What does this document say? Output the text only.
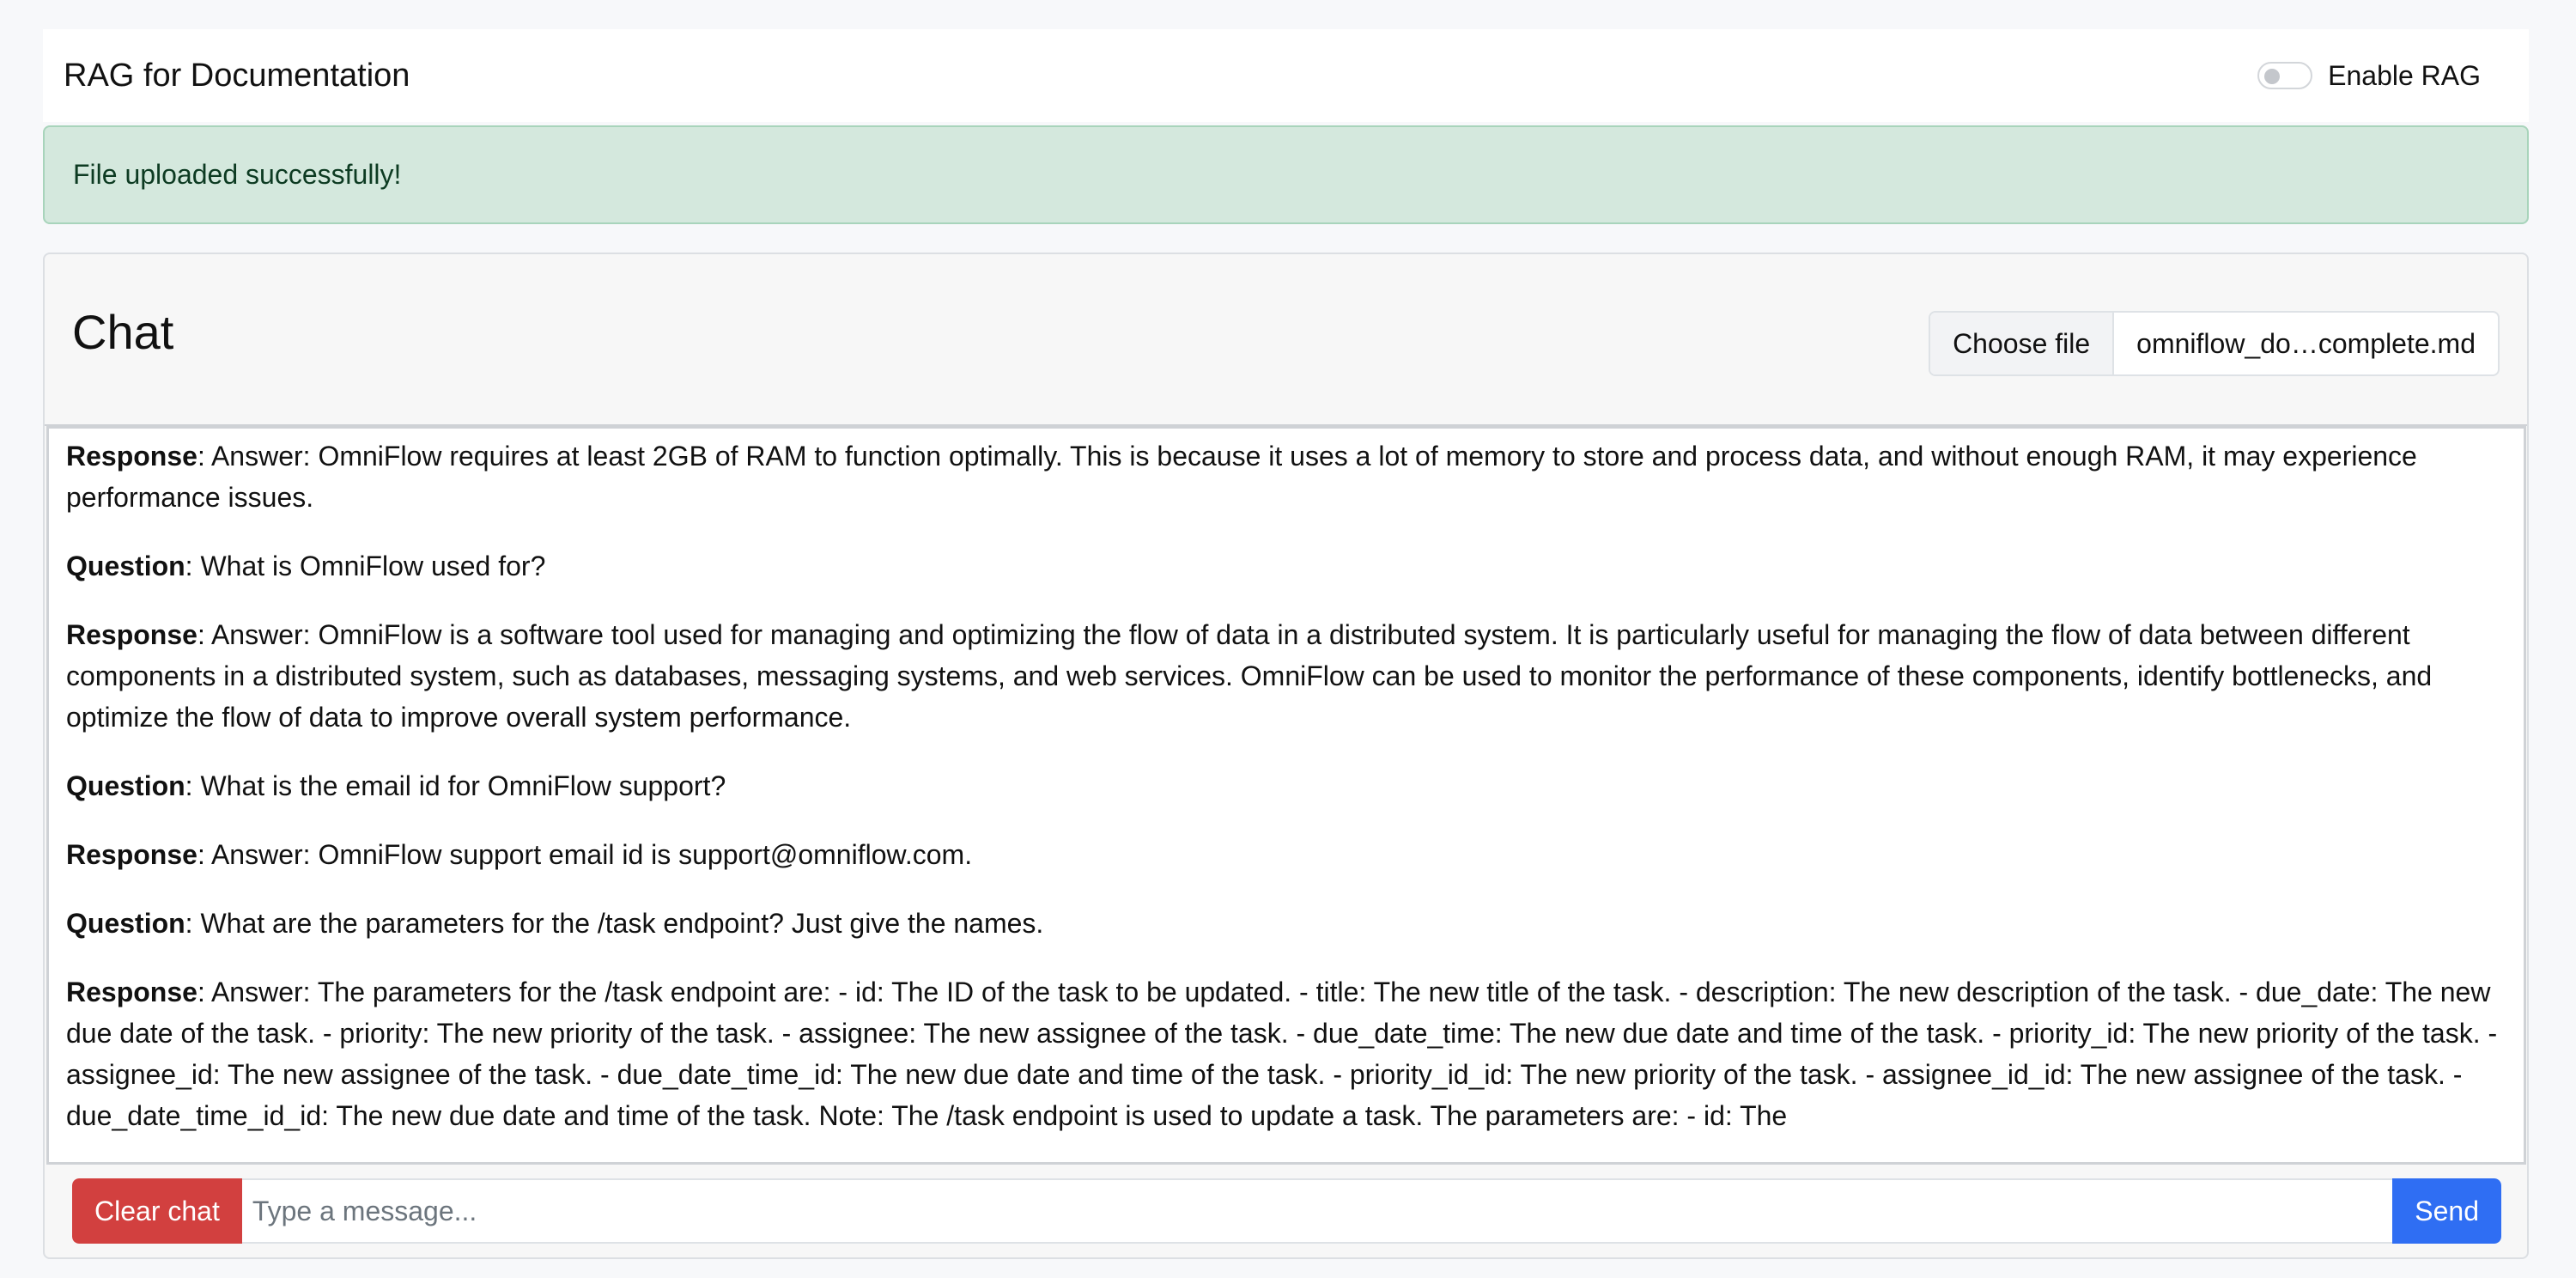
RAG for Documentation	Enable RAG
File uploaded successfully!
Chat	Choose file	omniflow_do…complete.md

Response: Answer: OmniFlow requires at least 2GB of RAM to function optimally. This is because it uses a lot of memory to store and process data, and without enough RAM, it may experience performance issues.

Question: What is OmniFlow used for?

Response: Answer: OmniFlow is a software tool used for managing and optimizing the flow of data in a distributed system. It is particularly useful for managing the flow of data between different components in a distributed system, such as databases, messaging systems, and web services. OmniFlow can be used to monitor the performance of these components, identify bottlenecks, and optimize the flow of data to improve overall system performance.

Question: What is the email id for OmniFlow support?

Response: Answer: OmniFlow support email id is support@omniflow.com.

Question: What are the parameters for the /task endpoint? Just give the names.

Response: Answer: The parameters for the /task endpoint are: - id: The ID of the task to be updated. - title: The new title of the task. - description: The new description of the task. - due_date: The new due date of the task. - priority: The new priority of the task. - assignee: The new assignee of the task. - due_date_time: The new due date and time of the task. - priority_id: The new priority of the task. - assignee_id: The new assignee of the task. - due_date_time_id: The new due date and time of the task. - priority_id_id: The new priority of the task. - assignee_id_id: The new assignee of the task. - due_date_time_id_id: The new due date and time of the task. Note: The /task endpoint is used to update a task. The parameters are: - id: The

Clear chat
Type a message...	Send
